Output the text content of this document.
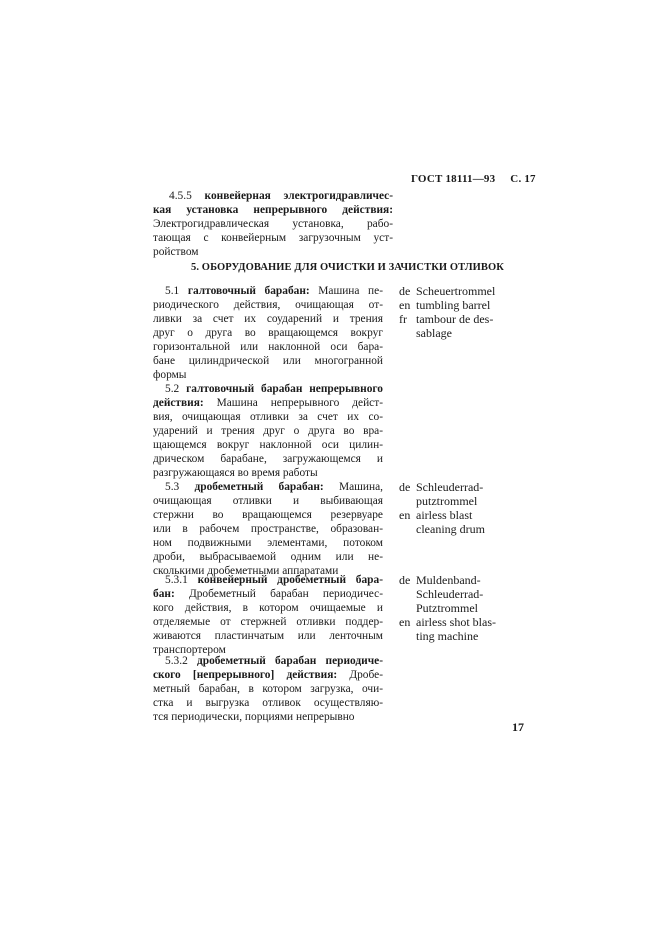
ГОСТ 18111—93 С. 17
4.5.5 конвейерная электрогидравличес-
кая установка непрерывного действия:
Электрогидравлическая установка, рабо-
тающая с конвейерным загрузочным уст-
ройством
5. ОБОРУДОВАНИЕ ДЛЯ ОЧИСТКИ И ЗАЧИСТКИ ОТЛИВОК
5.1 галтовочный барабан: Машина пе-
риодического действия, очищающая от-
ливки за счет их соударений и трения
друг о друга во вращающемся вокруг
горизонтальной или наклонной оси бара-
бане цилиндрической или многогранной
формы
de Scheuertrommel
en tumbling barrel
fr tambour de des-
sablage
5.2 галтовочный барабан непрерывного
действия: Машина непрерывного дейст-
вия, очищающая отливки за счет их со-
ударений и трения друг о друга во вра-
щающемся вокруг наклонной оси цилин-
дрическом барабане, загружающемся и
разгружающаяся во время работы
5.3 дробеметный барабан: Машина,
очищающая отливки и выбивающая
стержни во вращающемся резервуаре
или в рабочем пространстве, образован-
ном подвижными элементами, потоком
дроби, выбрасываемой одним или не-
сколькими дробеметными аппаратами
de Schleuderrad-
putztrommel
en airless blast
cleaning drum
5.3.1 конвейерный дробеметный бара-
бан: Дробеметный барабан периодичес-
кого действия, в котором очищаемые и
отделяемые от стержней отливки поддер-
живаются пластинчатым или ленточным
транспортером
de Muldenband-
Schleuderrad-
Putztrommel
en airless shot blas-
ting machine
5.3.2 дробеметный барабан периодиче-
ского [непрерывного] действия: Дробе-
метный барабан, в котором загрузка, очи-
стка и выгрузка отливок осуществляю-
тся периодически, порциями непрерывно
17
